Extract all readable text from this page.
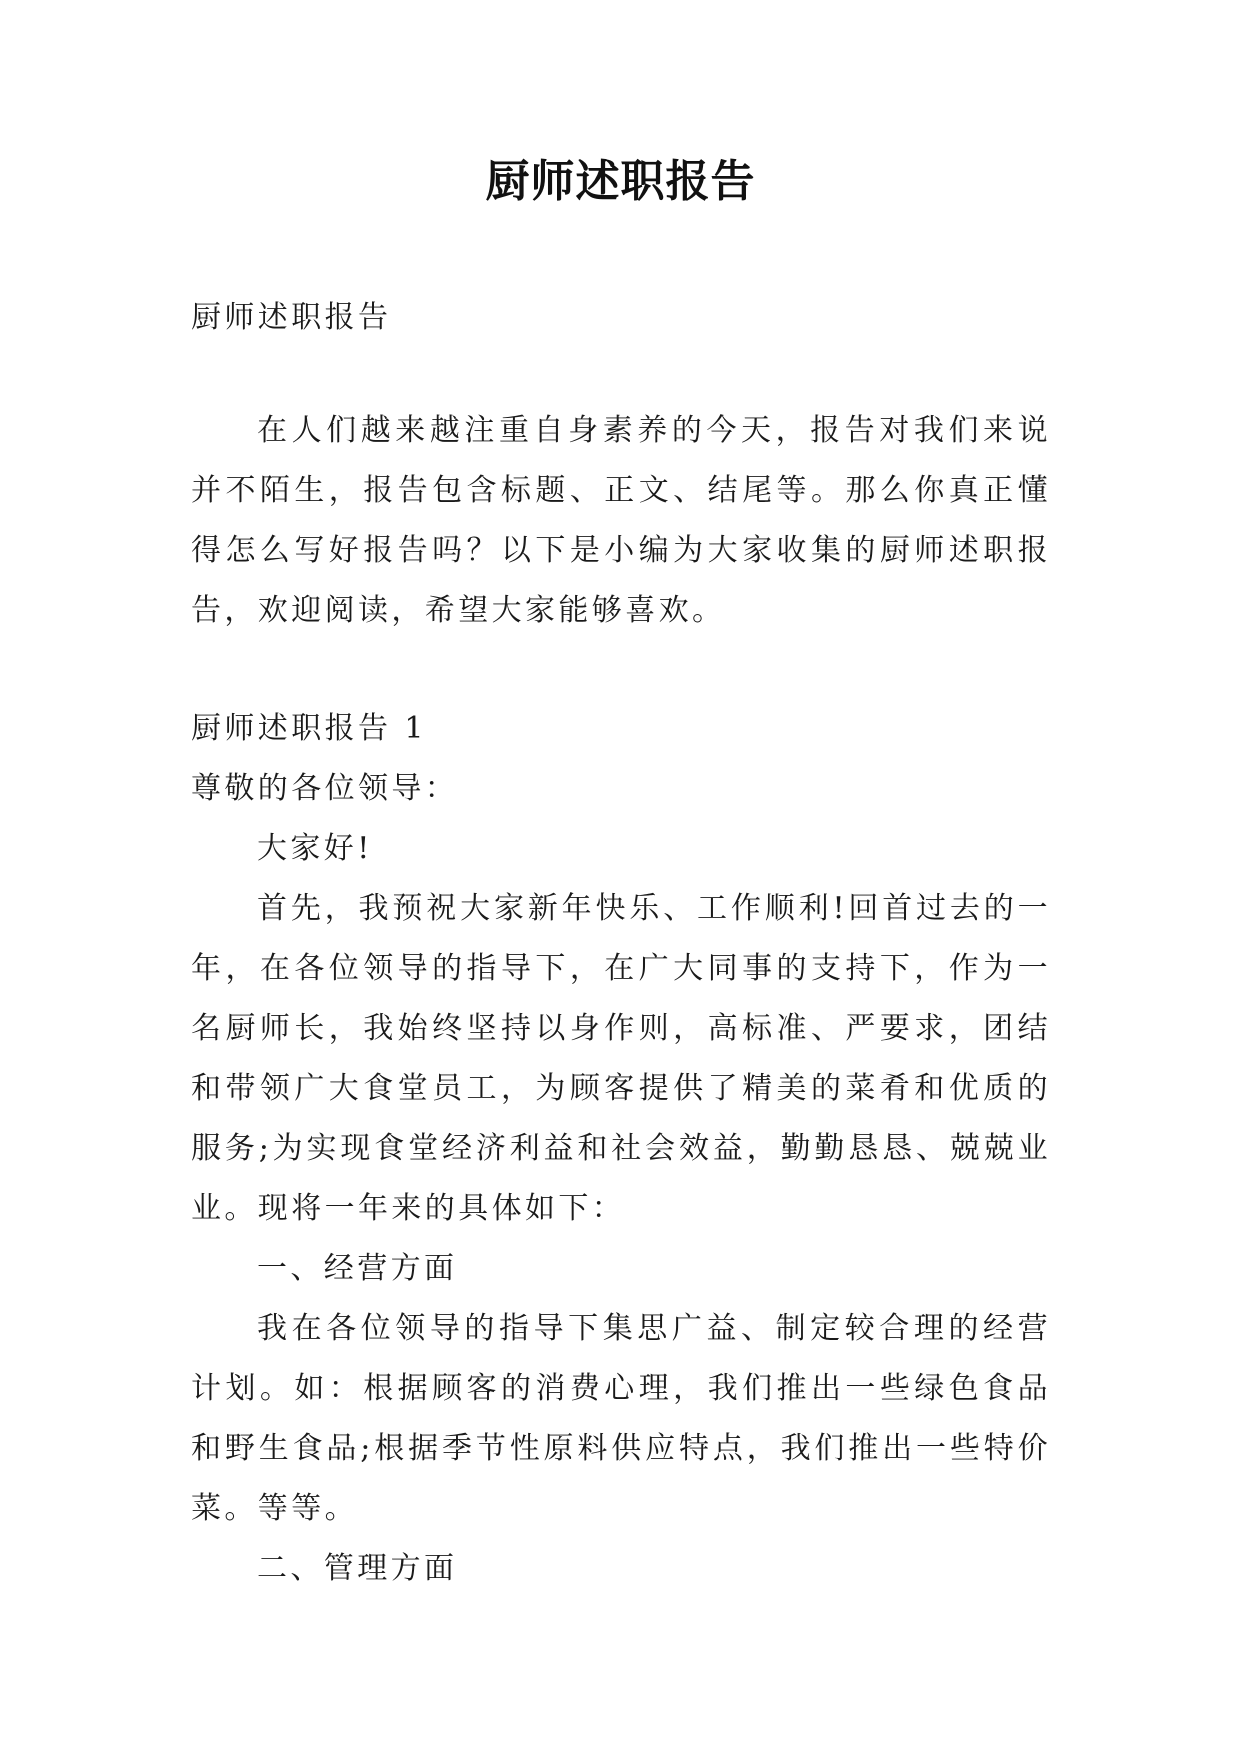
厨师述职报告

厨师述职报告

在人们越来越注重自身素养的今天，报告对我们来说并不陌生，报告包含标题、正文、结尾等。那么你真正懂得怎么写好报告吗？以下是小编为大家收集的厨师述职报告，欢迎阅读，希望大家能够喜欢。

厨师述职报告 1

尊敬的各位领导：

大家好!

首先，我预祝大家新年快乐、工作顺利!回首过去的一年，在各位领导的指导下，在广大同事的支持下，作为一名厨师长，我始终坚持以身作则，高标准、严要求，团结和带领广大食堂员工，为顾客提供了精美的菜肴和优质的服务;为实现食堂经济利益和社会效益，勤勤恳恳、兢兢业业。现将一年来的具体如下：

一、经营方面

我在各位领导的指导下集思广益、制定较合理的经营计划。如：根据顾客的消费心理，我们推出一些绿色食品和野生食品;根据季节性原料供应特点，我们推出一些特价菜。等等。

二、管理方面
